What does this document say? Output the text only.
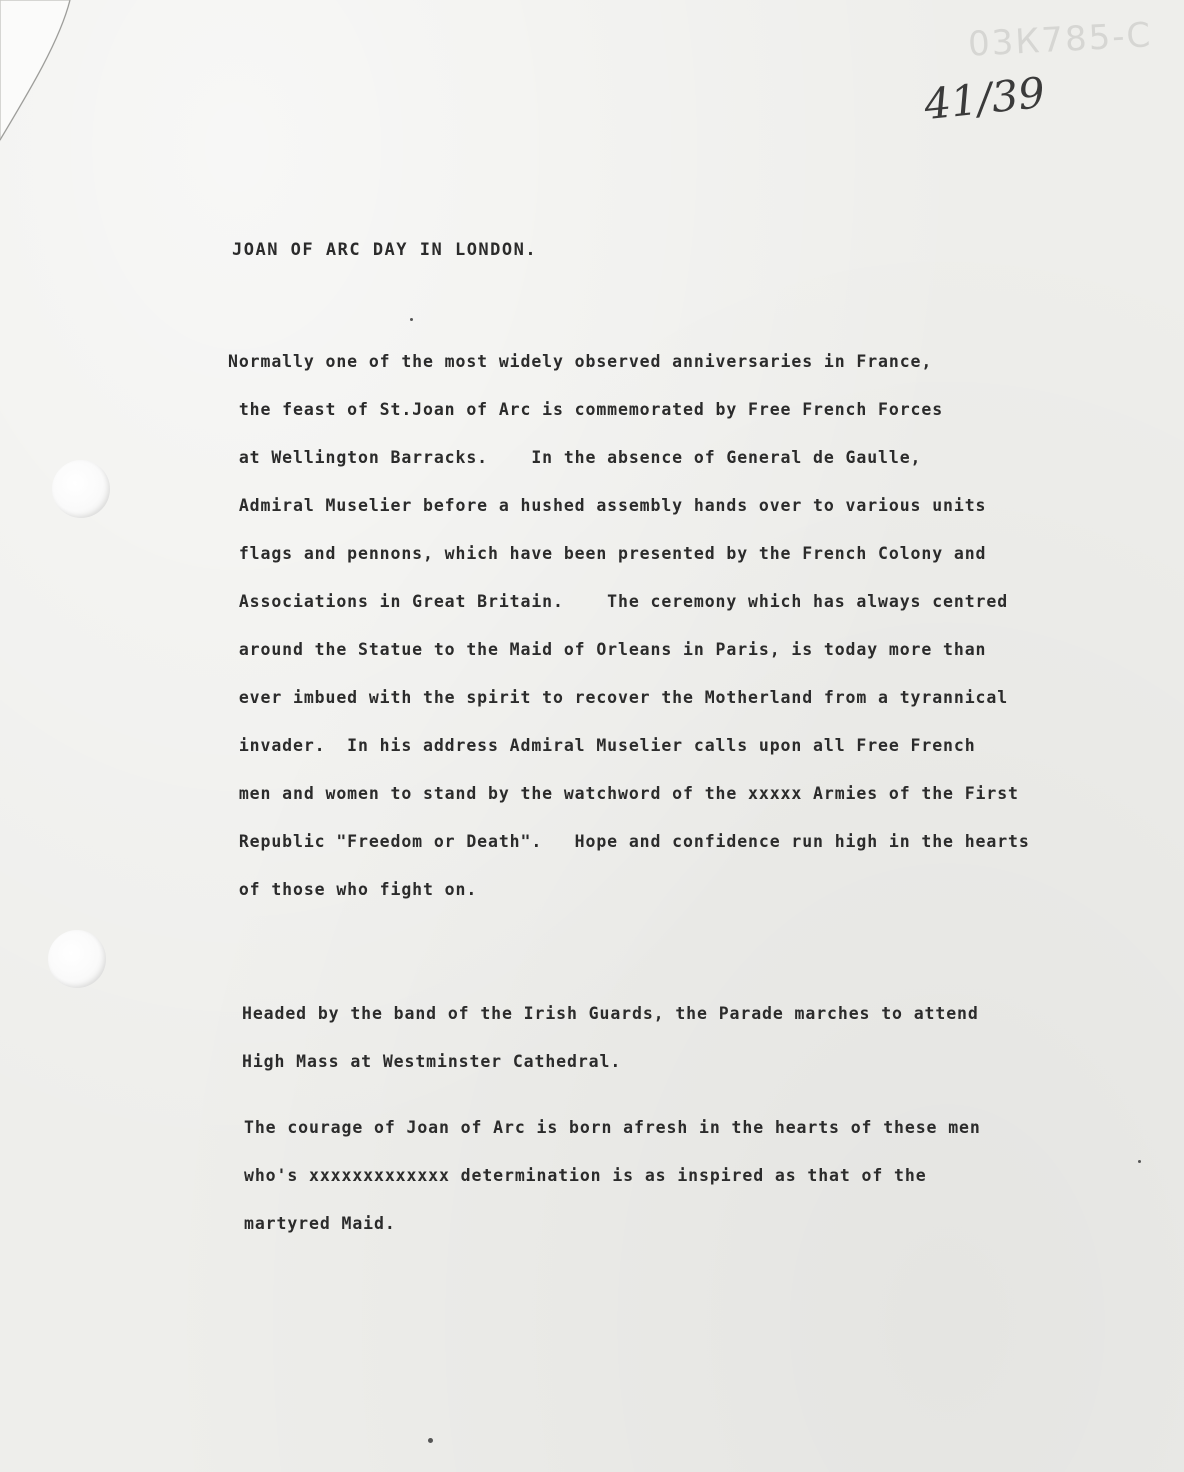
03К785-С
41/39
JOAN OF ARC DAY IN LONDON.
Normally one of the most widely observed anniversaries in France,
the feast of St.Joan of Arc is commemorated by Free French Forces
at Wellington Barracks.    In the absence of General de Gaulle,
Admiral Muselier before a hushed assembly hands over to various units
flags and pennons, which have been presented by the French Colony and
Associations in Great Britain.    The ceremony which has always centred
around the Statue to the Maid of Orleans in Paris, is today more than
ever imbued with the spirit to recover the Motherland from a tyrannical
invader.  In his address Admiral Muselier calls upon all Free French
men and women to stand by the watchword of the xxxxx Armies of the First
Republic "Freedom or Death".   Hope and confidence run high in the hearts
of those who fight on.
Headed by the band of the Irish Guards, the Parade marches to attend
High Mass at Westminster Cathedral.
The courage of Joan of Arc is born afresh in the hearts of these men
who's xxxxxxxxxxxxx determination is as inspired as that of the
martyred Maid.
